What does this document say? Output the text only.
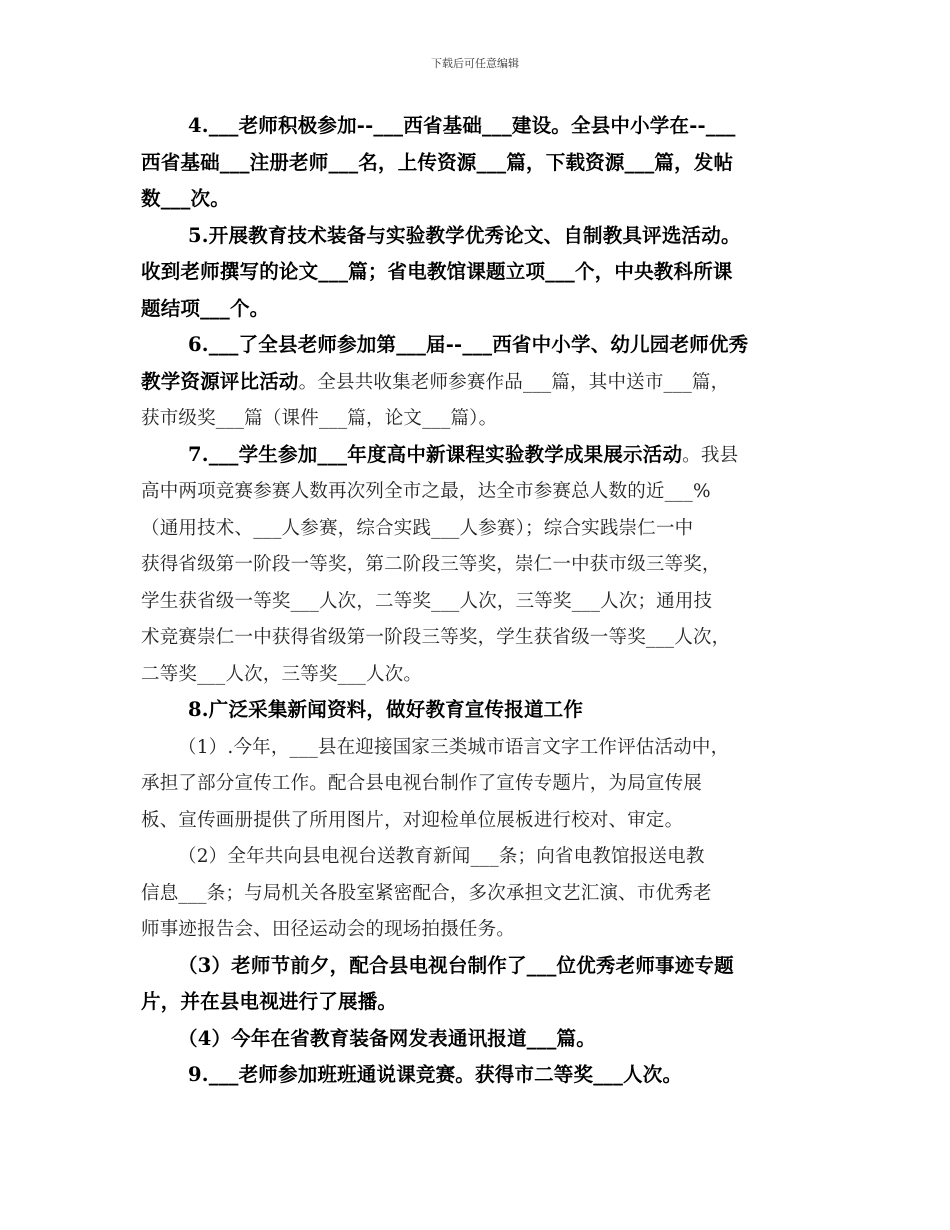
下载后可任意编辑
4.___老师积极参加--___西省基础___建设。全县中小学在--___
西省基础___注册老师___名，上传资源___篇，下载资源___篇，发帖
数___次。
5.开展教育技术装备与实验教学优秀论文、自制教具评选活动。
收到老师撰写的论文___篇；省电教馆课题立项___个，中央教科所课
题结项___个。
6.___了全县老师参加第___届--___西省中小学、幼儿园老师优秀
教学资源评比活动。全县共收集老师参赛作品___篇，其中送市___篇，
获市级奖___篇（课件___篇，论文___篇）。
7.___学生参加___年度高中新课程实验教学成果展示活动。我县
高中两项竞赛参赛人数再次列全市之最，达全市参赛总人数的近___%
（通用技术、___人参赛，综合实践___人参赛）；综合实践崇仁一中
获得省级第一阶段一等奖，第二阶段三等奖，崇仁一中获市级三等奖，
学生获省级一等奖___人次，二等奖___人次，三等奖___人次；通用技
术竞赛崇仁一中获得省级第一阶段三等奖，学生获省级一等奖___人次，
二等奖___人次，三等奖___人次。
8.广泛采集新闻资料，做好教育宣传报道工作
（1）.今年，___县在迎接国家三类城市语言文字工作评估活动中，
承担了部分宣传工作。配合县电视台制作了宣传专题片，为局宣传展
板、宣传画册提供了所用图片，对迎检单位展板进行校对、审定。
（2）全年共向县电视台送教育新闻___条；向省电教馆报送电教
信息___条；与局机关各股室紧密配合，多次承担文艺汇演、市优秀老
师事迹报告会、田径运动会的现场拍摄任务。
（3）老师节前夕，配合县电视台制作了___位优秀老师事迹专题
片，并在县电视进行了展播。
（4）今年在省教育装备网发表通讯报道___篇。
9.___老师参加班班通说课竞赛。获得市二等奖___人次。
